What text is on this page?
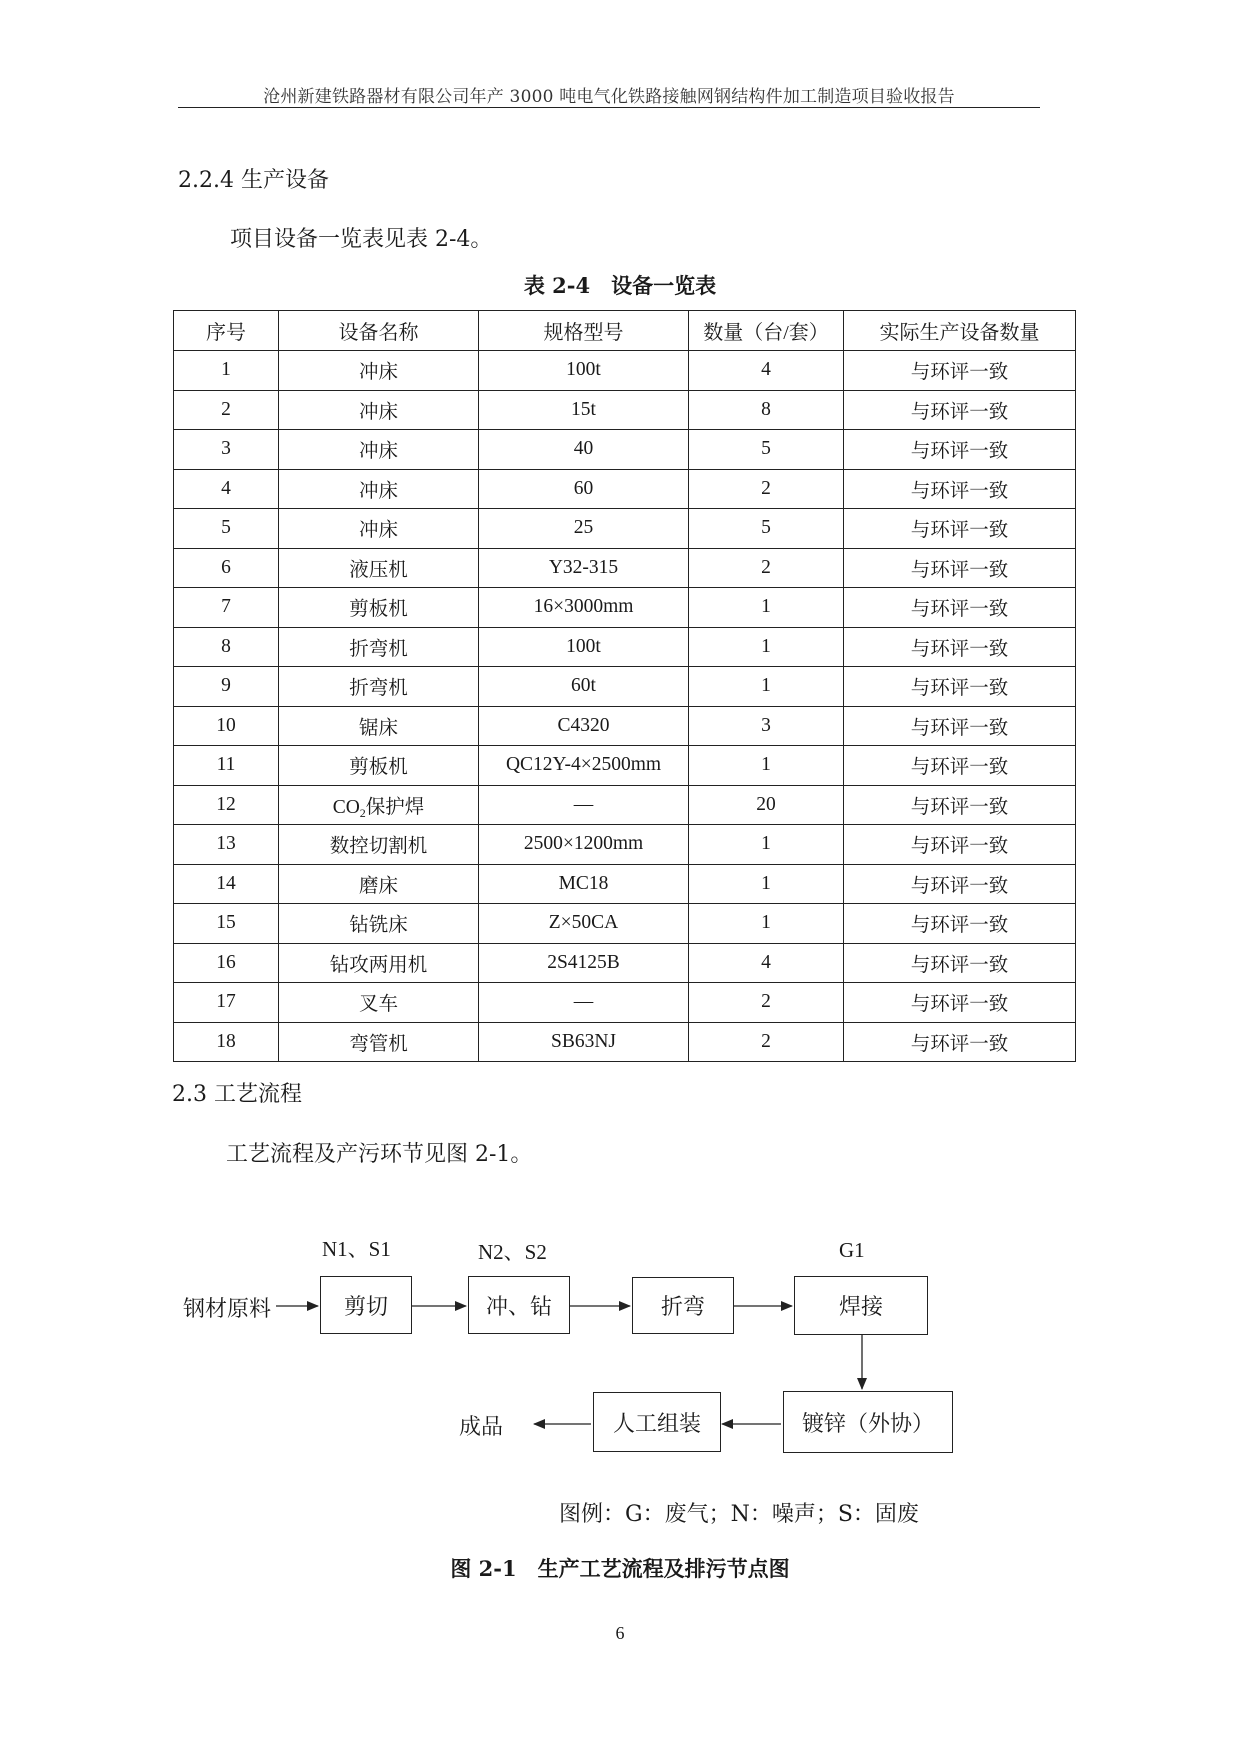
沧州新建铁路器材有限公司年产 3000 吨电气化铁路接触网钢结构件加工制造项目验收报告
2.2.4 生产设备
项目设备一览表见表 2-4。
表 2-4　设备一览表
序号	设备名称	规格型号	数量（台/套）	实际生产设备数量
1	冲床	100t	4	与环评一致
2	冲床	15t	8	与环评一致
3	冲床	40	5	与环评一致
4	冲床	60	2	与环评一致
5	冲床	25	5	与环评一致
6	液压机	Y32-315	2	与环评一致
7	剪板机	16×3000mm	1	与环评一致
8	折弯机	100t	1	与环评一致
9	折弯机	60t	1	与环评一致
10	锯床	C4320	3	与环评一致
11	剪板机	QC12Y-4×2500mm	1	与环评一致
12	$CO_2$保护焊	—	20	与环评一致
13	数控切割机	2500×1200mm	1	与环评一致
14	磨床	MC18	1	与环评一致
15	钻铣床	Z×50CA	1	与环评一致
16	钻攻两用机	2S4125B	4	与环评一致
17	叉车	—	2	与环评一致
18	弯管机	SB63NJ	2	与环评一致
2.3 工艺流程
工艺流程及产污环节见图 2-1。
N1、S1	N2、S2	G1
钢材原料	剪切	冲、钻	折弯	焊接
镀锌（外协）
人工组装
成品
图例：G：废气；N：噪声；S：固废
图 2-1　生产工艺流程及排污节点图
6
